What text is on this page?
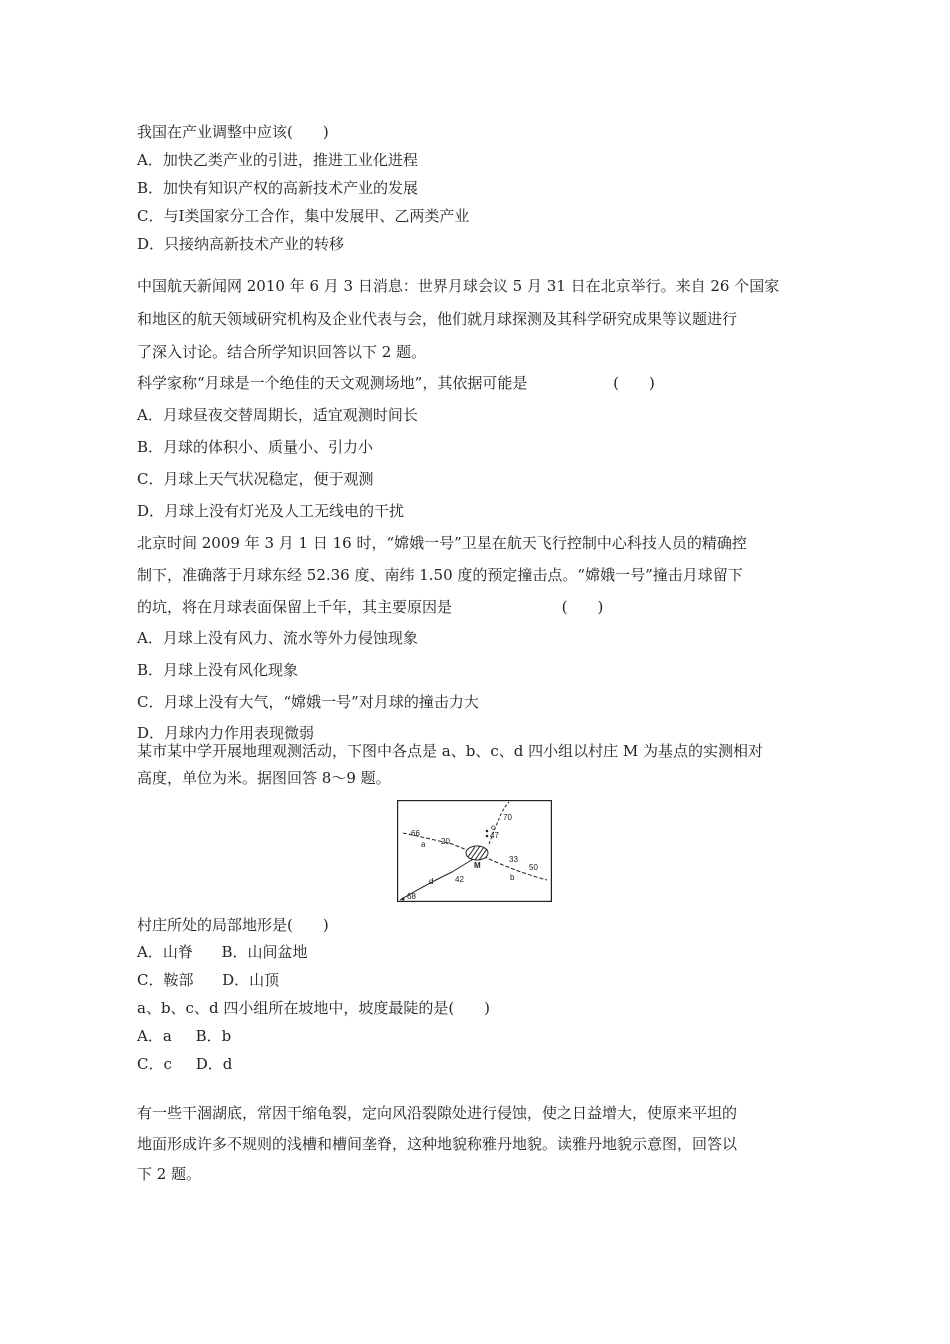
我国在产业调整中应该(　　)
A．加快乙类产业的引进，推进工业化进程
B．加快有知识产权的高新技术产业的发展
C．与Ⅰ类国家分工合作，集中发展甲、乙两类产业
D．只接纳高新技术产业的转移
中国航天新闻网 2010 年 6 月 3 日消息：世界月球会议 5 月 31 日在北京举行。来自 26 个国家
和地区的航天领域研究机构及企业代表与会，他们就月球探测及其科学研究成果等议题进行
了深入讨论。结合所学知识回答以下 2 题。
科学家称“月球是一个绝佳的天文观测场地”，其依据可能是                  (　　)
A．月球昼夜交替周期长，适宜观测时间长
B．月球的体积小、质量小、引力小
C．月球上天气状况稳定，便于观测
D．月球上没有灯光及人工无线电的干扰
北京时间 2009 年 3 月 1 日 16 时，“嫦娥一号”卫星在航天飞行控制中心科技人员的精确控
制下，准确落于月球东经 52.36 度、南纬 1.50 度的预定撞击点。“嫦娥一号”撞击月球留下
的坑，将在月球表面保留上千年，其主要原因是                       (　　)
A．月球上没有风力、流水等外力侵蚀现象
B．月球上没有风化现象
C．月球上没有大气，“嫦娥一号”对月球的撞击力大
D．月球内力作用表现微弱
某市某中学开展地理观测活动，下图中各点是 a、b、c、d 四小组以村庄 M 为基点的实测相对
高度，单位为米。据图回答 8～9 题。
66
20
a
70
c
47
M
33
50
b
d	42
68
村庄所处的局部地形是(　　)
A．山脊      B．山间盆地
C．鞍部      D．山顶
a、b、c、d 四小组所在坡地中，坡度最陡的是(　　)
A．a     B．b
C．c     D．d
有一些干涸湖底，常因干缩龟裂，定向风沿裂隙处进行侵蚀，使之日益增大，使原来平坦的
地面形成许多不规则的浅槽和槽间垄脊，这种地貌称雅丹地貌。读雅丹地貌示意图，回答以
下 2 题。
